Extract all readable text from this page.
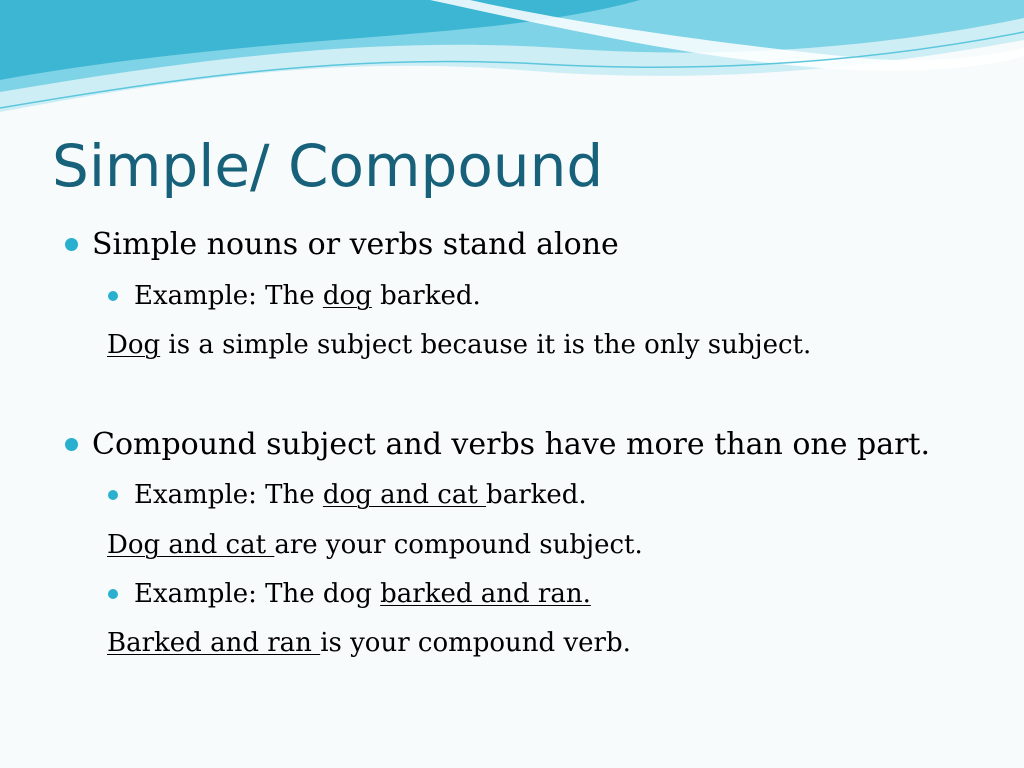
Simple/ Compound
Simple nouns or verbs stand alone
Example: The dog barked.
Dog is a simple subject because it is the only subject.
Compound subject and verbs have more than one part.
Example: The dog and cat barked.
Dog and cat are your compound subject.
Example: The dog barked and ran.
Barked and ran is your compound verb.
